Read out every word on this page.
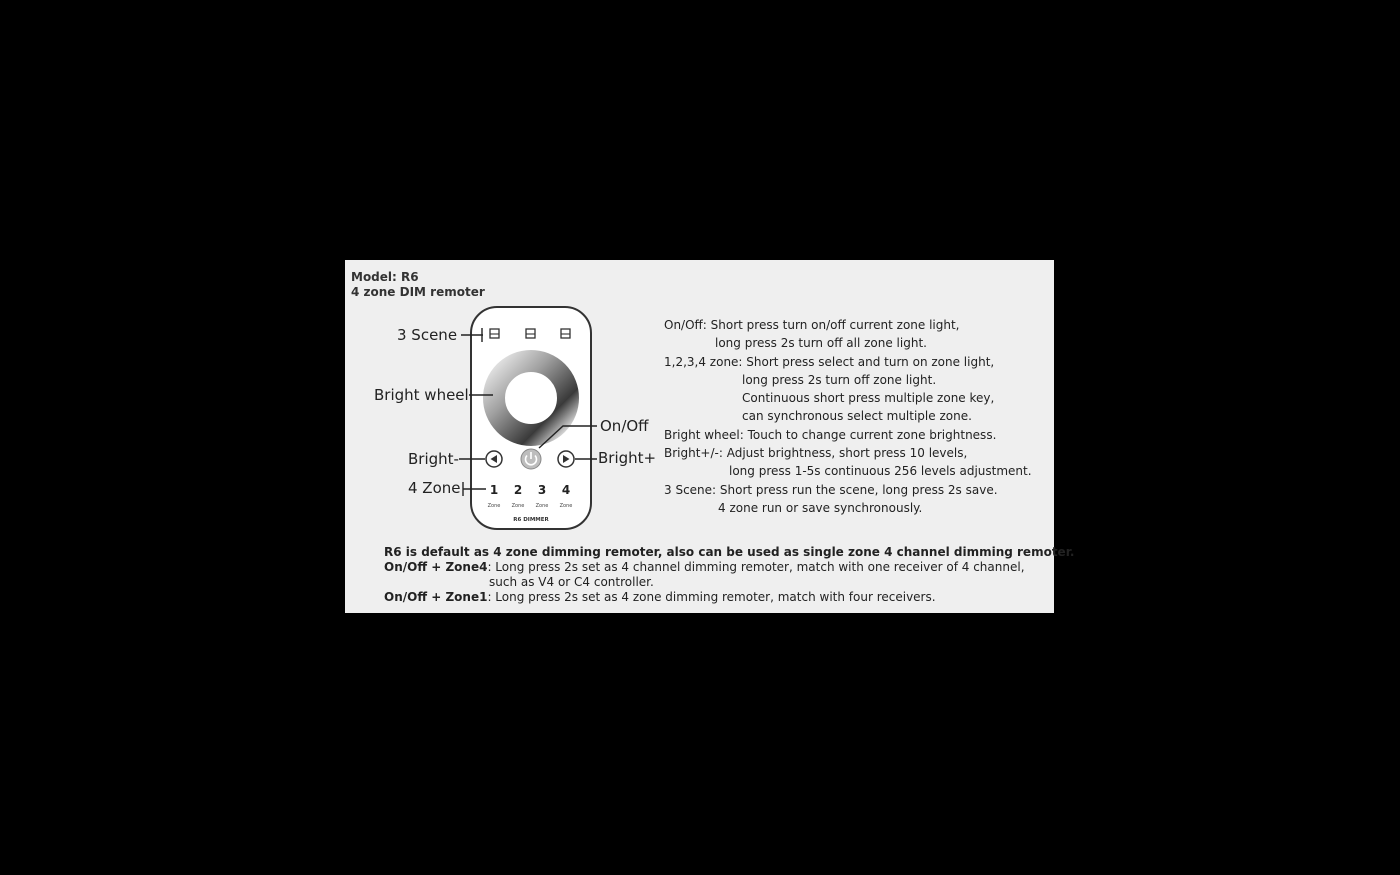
Model: R6
4 zone DIM remoter
1 2 3 4
Zone Zone Zone Zone
R6 DIMMER
3 Scene
Bright wheel
On/Off
Bright-	Bright+
4 Zone
On/Off: Short press turn on/off current zone light,
long press 2s turn off all zone light.
1,2,3,4 zone: Short press select and turn on zone light,
long press 2s turn off zone light.
Continuous short press multiple zone key,
can synchronous select multiple zone.
Bright wheel: Touch to change current zone brightness.
Bright+/-: Adjust brightness, short press 10 levels,
long press 1-5s continuous 256 levels adjustment.
3 Scene: Short press run the scene, long press 2s save.
4 zone run or save synchronously.
R6 is default as 4 zone dimming remoter, also can be used as single zone 4 channel dimming remoter.
On/Off + Zone4: Long press 2s set as 4 channel dimming remoter, match with one receiver of 4 channel,
such as V4 or C4 controller.
On/Off + Zone1: Long press 2s set as 4 zone dimming remoter, match with four receivers.
